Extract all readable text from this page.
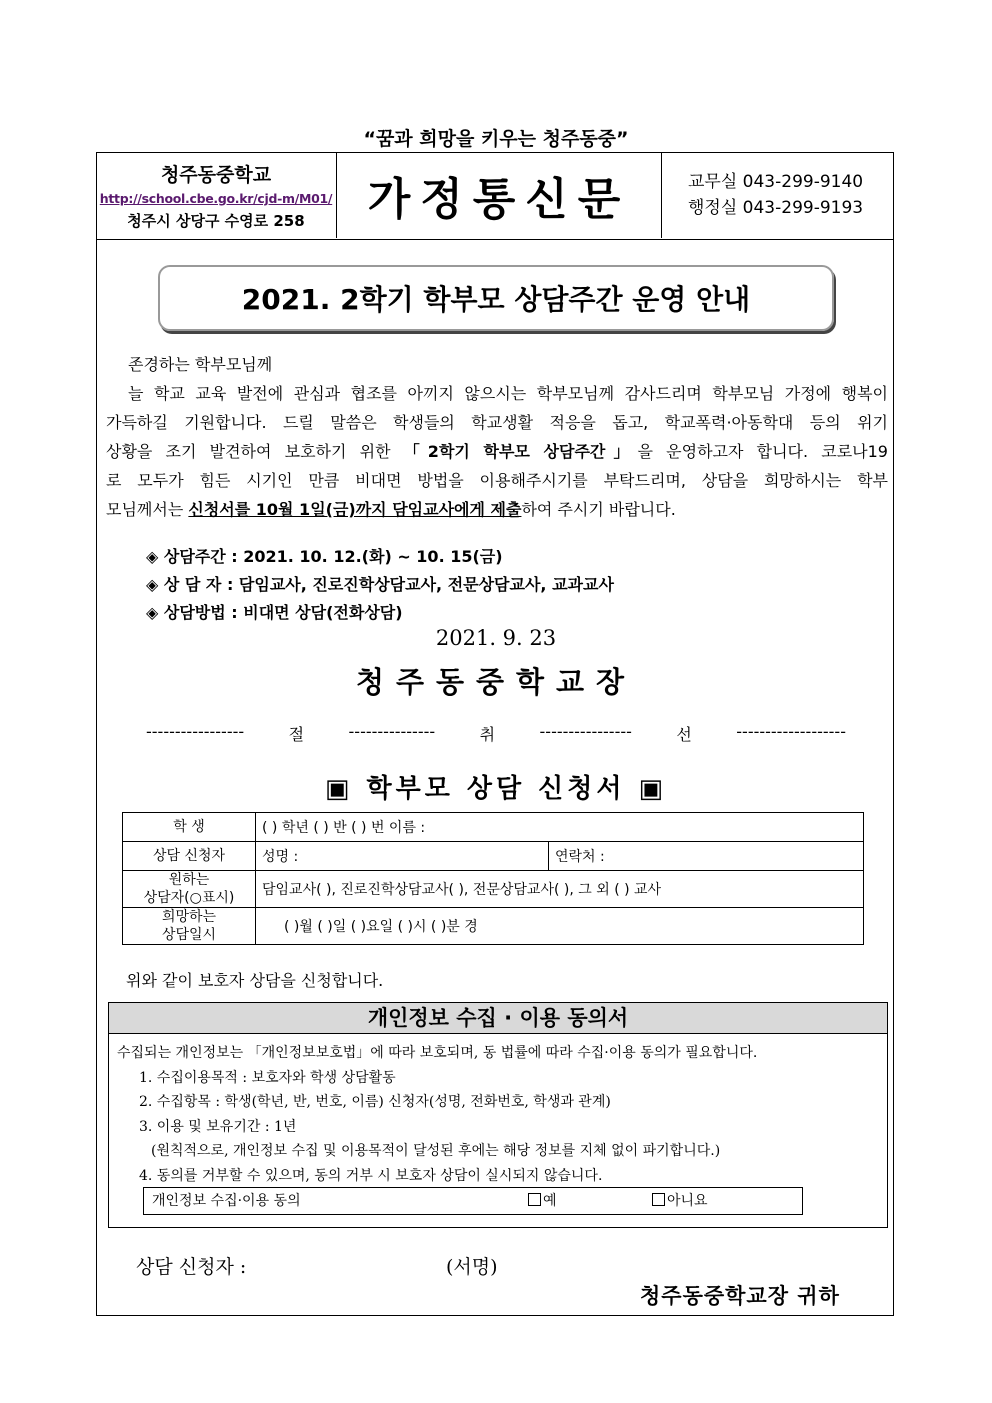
“꿈과 희망을 키우는 청주동중”
청주동중학교
http://school.cbe.go.kr/cjd-m/M01/
청주시 상당구 수영로 258	가정통신문	교무실 043-299-9140
행정실 043-299-9193
2021. 2학기 학부모 상담주간 운영 안내
존경하는 학부모님께
늘 학교 교육 발전에 관심과 협조를 아끼지 않으시는 학부모님께 감사드리며 학부모님 가정에 행복이
가득하길 기원합니다. 드릴 말씀은 학생들의 학교생활 적응을 돕고, 학교폭력·아동학대 등의 위기
상황을 조기 발견하여 보호하기 위한 「2학기 학부모 상담주간」을 운영하고자 합니다. 코로나19
로 모두가 힘든 시기인 만큼 비대면 방법을 이용해주시기를 부탁드리며, 상담을 희망하시는 학부
모님께서는 신청서를 10월 1일(금)까지 담임교사에게 제출하여 주시기 바랍니다.
◈ 상담주간 : 2021. 10. 12.(화) ~ 10. 15(금)
◈ 상 담 자 : 담임교사, 진로진학상담교사, 전문상담교사, 교과교사
◈ 상담방법 : 비대면 상담(전화상담)
2021. 9. 23
청주동중학교장
-----------------	절	---------------	취	----------------	선	-------------------
▣ 학부모 상담 신청서 ▣
학 생	( ) 학년 ( ) 반 ( ) 번 이름 :	
상담 신청자	성명 :	연락처 :

원하는
상담자(○표시)	담임교사( ), 진로진학상담교사( ), 전문상담교사( ), 그 외 ( ) 교사	

희망하는
상담일시	( )월 ( )일 ( )요일 ( )시 ( )분 경	
위와 같이 보호자 상담을 신청합니다.
개인정보 수집 · 이용 동의서
수집되는 개인정보는 「개인정보보호법」에 따라 보호되며, 동 법률에 따라 수집·이용 동의가 필요합니다.
1. 수집이용목적 : 보호자와 학생 상담활동
2. 수집항목 : 학생(학년, 반, 번호, 이름) 신청자(성명, 전화번호, 학생과 관계)
3. 이용 및 보유기간 : 1년
(원칙적으로, 개인정보 수집 및 이용목적이 달성된 후에는 해당 정보를 지체 없이 파기합니다.)
4. 동의를 거부할 수 있으며, 동의 거부 시 보호자 상담이 실시되지 않습니다.
개인정보 수집·이용 동의	예	아니요
상담 신청자 :	(서명)
청주동중학교장 귀하
